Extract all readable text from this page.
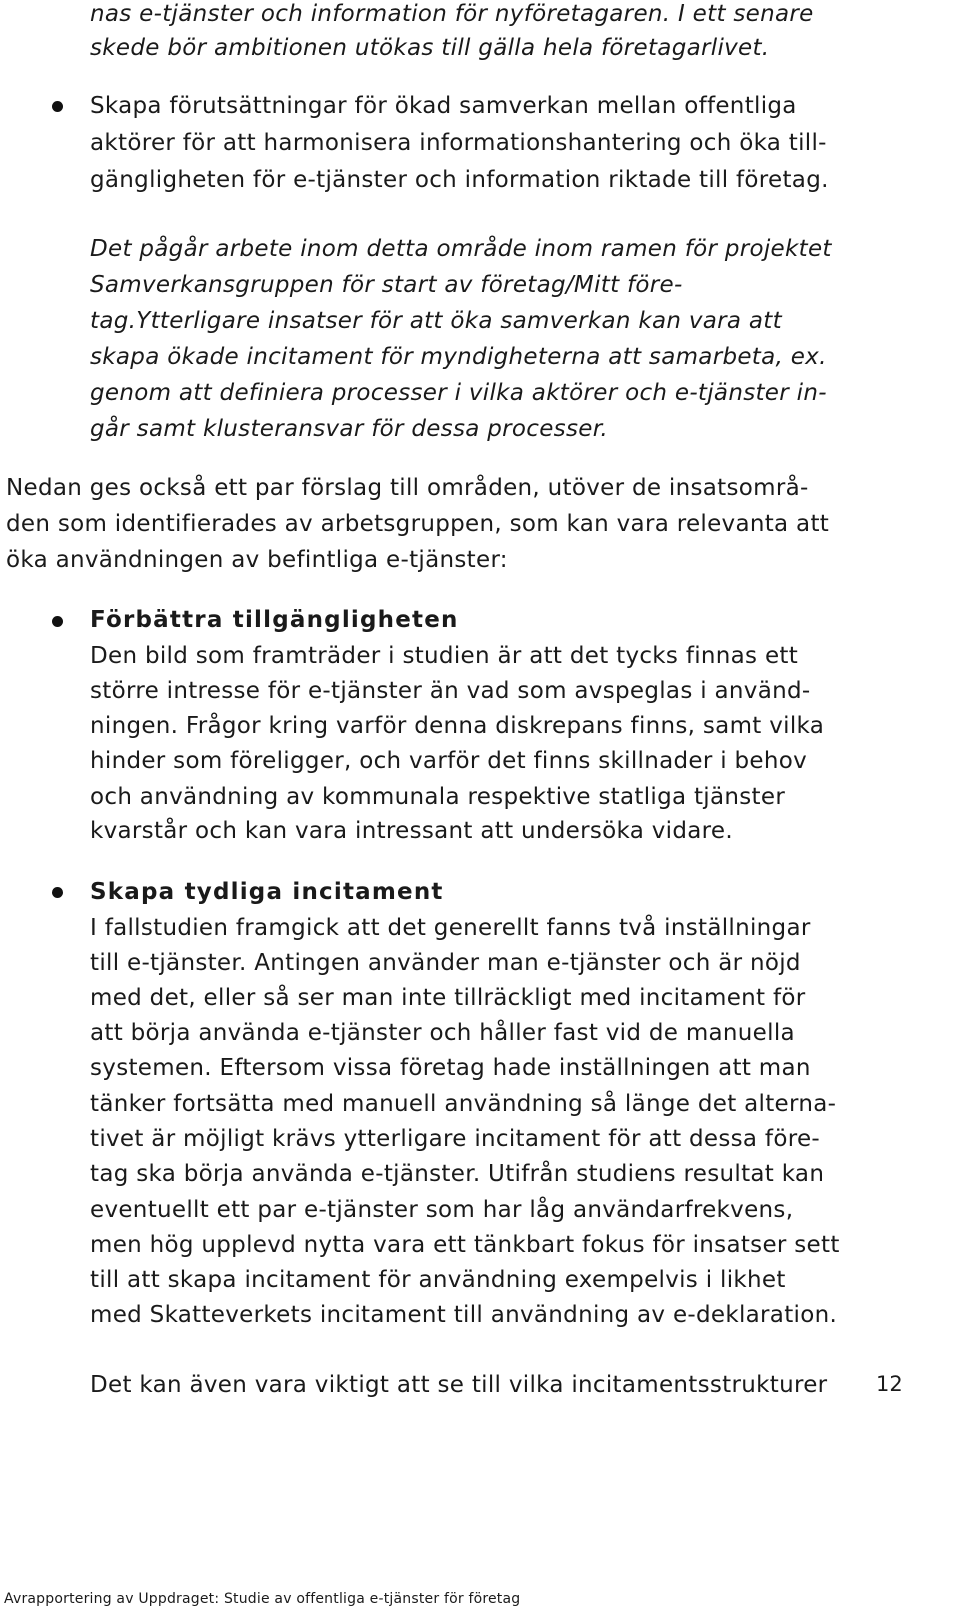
nas e-tjänster och information för nyföretagaren. I ett senare
skede bör ambitionen utökas till gälla hela företagarlivet.
Skapa förutsättningar för ökad samverkan mellan offentliga
aktörer för att harmonisera informationshantering och öka till-
gängligheten för e-tjänster och information riktade till företag.
Det pågår arbete inom detta område inom ramen för projektet
Samverkansgruppen för start av företag/Mitt före-
tag.Ytterligare insatser för att öka samverkan kan vara att
skapa ökade incitament för myndigheterna att samarbeta, ex.
genom att definiera processer i vilka aktörer och e-tjänster in-
går samt klusteransvar för dessa processer.
Nedan ges också ett par förslag till områden, utöver de insatsområ-
den som identifierades av arbetsgruppen, som kan vara relevanta att
öka användningen av befintliga e-tjänster:
Förbättra tillgängligheten
Den bild som framträder i studien är att det tycks finnas ett
större intresse för e-tjänster än vad som avspeglas i använd-
ningen. Frågor kring varför denna diskrepans finns, samt vilka
hinder som föreligger, och varför det finns skillnader i behov
och användning av kommunala respektive statliga tjänster
kvarstår och kan vara intressant att undersöka vidare.
Skapa tydliga incitament
I fallstudien framgick att det generellt fanns två inställningar
till e-tjänster. Antingen använder man e-tjänster och är nöjd
med det, eller så ser man inte tillräckligt med incitament för
att börja använda e-tjänster och håller fast vid de manuella
systemen. Eftersom vissa företag hade inställningen att man
tänker fortsätta med manuell användning så länge det alterna-
tivet är möjligt krävs ytterligare incitament för att dessa före-
tag ska börja använda e-tjänster. Utifrån studiens resultat kan
eventuellt ett par e-tjänster som har låg användarfrekvens,
men hög upplevd nytta vara ett tänkbart fokus för insatser sett
till att skapa incitament för användning exempelvis i likhet
med Skatteverkets incitament till användning av e-deklaration.
Det kan även vara viktigt att se till vilka incitamentsstrukturer 12
Avrapportering av Uppdraget: Studie av offentliga e-tjänster för företag
